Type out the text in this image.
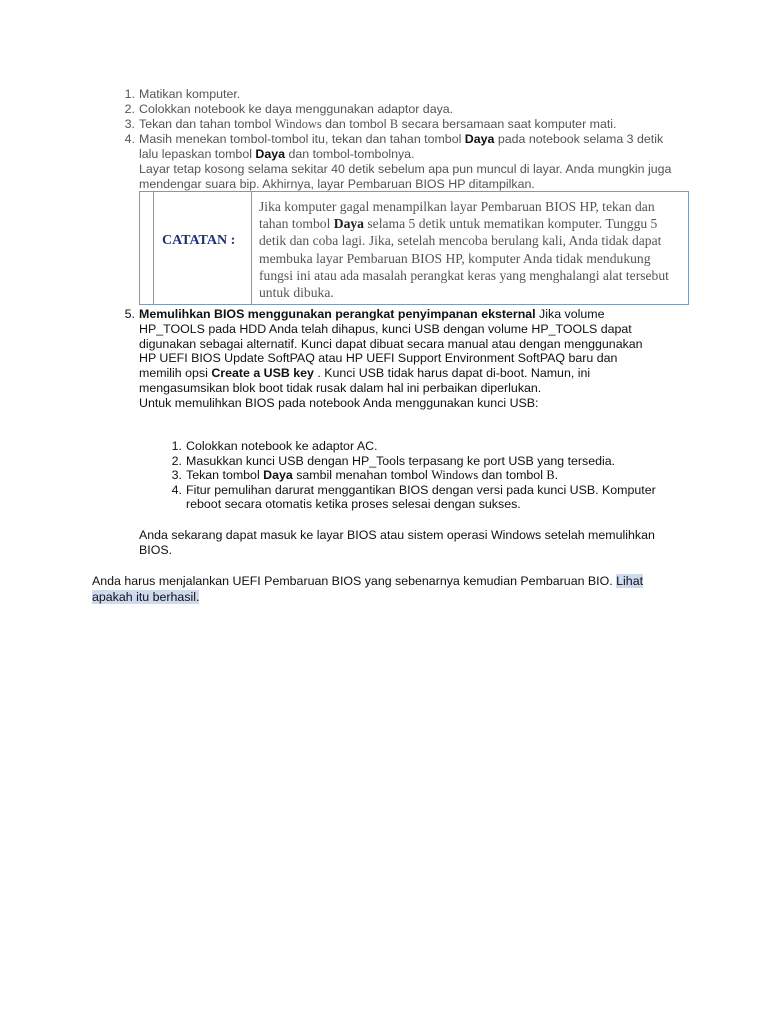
1. Matikan komputer.
2. Colokkan notebook ke daya menggunakan adaptor daya.
3. Tekan dan tahan tombol Windows dan tombol B secara bersamaan saat komputer mati.
4. Masih menekan tombol-tombol itu, tekan dan tahan tombol Daya pada notebook selama 3 detik lalu lepaskan tombol Daya dan tombol-tombolnya.
Layar tetap kosong selama sekitar 40 detik sebelum apa pun muncul di layar. Anda mungkin juga mendengar suara bip. Akhirnya, layar Pembaruan BIOS HP ditampilkan.
CATATAN :
Jika komputer gagal menampilkan layar Pembaruan BIOS HP, tekan dan tahan tombol Daya selama 5 detik untuk mematikan komputer. Tunggu 5 detik dan coba lagi. Jika, setelah mencoba berulang kali, Anda tidak dapat membuka layar Pembaruan BIOS HP, komputer Anda tidak mendukung fungsi ini atau ada masalah perangkat keras yang menghalangi alat tersebut untuk dibuka.
5. Memulihkan BIOS menggunakan perangkat penyimpanan eksternal Jika volume HP_TOOLS pada HDD Anda telah dihapus, kunci USB dengan volume HP_TOOLS dapat digunakan sebagai alternatif. Kunci dapat dibuat secara manual atau dengan menggunakan HP UEFI BIOS Update SoftPAQ atau HP UEFI Support Environment SoftPAQ baru dan memilih opsi Create a USB key . Kunci USB tidak harus dapat di-boot. Namun, ini mengasumsikan blok boot tidak rusak dalam hal ini perbaikan diperlukan.
Untuk memulihkan BIOS pada notebook Anda menggunakan kunci USB:
1. Colokkan notebook ke adaptor AC.
2. Masukkan kunci USB dengan HP_Tools terpasang ke port USB yang tersedia.
3. Tekan tombol Daya sambil menahan tombol Windows dan tombol B.
4. Fitur pemulihan darurat menggantikan BIOS dengan versi pada kunci USB. Komputer reboot secara otomatis ketika proses selesai dengan sukses.
Anda sekarang dapat masuk ke layar BIOS atau sistem operasi Windows setelah memulihkan BIOS.
Anda harus menjalankan UEFI Pembaruan BIOS yang sebenarnya kemudian Pembaruan BIO. Lihat apakah itu berhasil.
